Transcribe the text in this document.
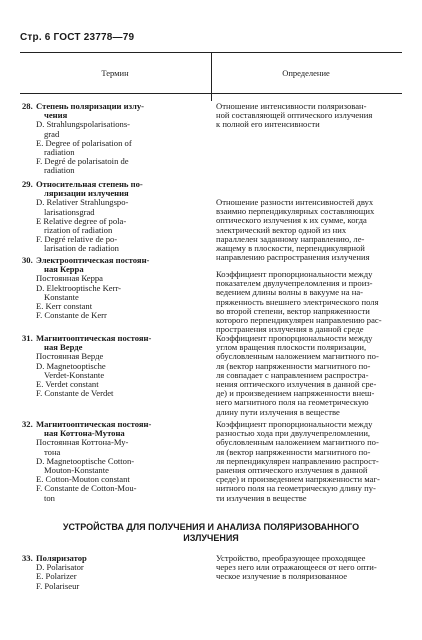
Стр. 6 ГОСТ 23778—79
Термин	Определение
28. Степень поляризации излу-
чения
D. Strahlungspolarisations-
grad
E. Degree of polarisation of
radiation
F. Degré de polarisatoin de
radiation
Отношение интенсивности поляризован-
ной составляющей оптического излучения
к полной его интенсивности
29. Относительная степень по-
ляризации излучения
D. Relativer Strahlungspo-
larisationsgrad
E Relative degree of pola-
rization of radiation
F. Degré relative de po-
larisation de radiation
Отношение разности интенсивностей двух
взаимно перпендикулярных составляющих
оптического излучения к их сумме, когда
электрический вектор одной из них
параллелен заданному направлению, ле-
жащему в плоскости, перпендикулярной
направлению распространения излучения
30. Электрооптическая постоян-
ная Керра
Постоянная Керра
D. Elektrooptische Kerr-
Konstante
E. Kerr constant
F. Constante de Kerr
Коэффициент пропорциональности между
показателем двулучепреломления и произ-
ведением длины волны в вакууме на на-
пряженность внешнего электрического поля
во второй степени, вектор напряженности
которого перпендикулярен направлению рас-
пространения излучения в данной среде
31. Магнитооптическая постоян-
ная Верде
Постоянная Верде
D. Magnetooptische
Verdet-Konstante
E. Verdet constant
F. Constante de Verdet
Коэффициент пропорциональности между
углом вращения плоскости поляризации,
обусловленным наложением магнитного по-
ля (вектор напряженности магнитного по-
ля совпадает с направлением распростра-
нения оптического излучения в данной сре-
де) и произведением напряженности внеш-
него магнитного поля на геометрическую
длину пути излучения в веществе
32. Магнитооптическая постоян-
ная Коттона-Мутона
Постоянная Коттона-Му-
тона
D. Magnetooptische Cotton-
Mouton-Konstante
E. Cotton-Mouton constant
F. Constante de Cotton-Mou-
ton
Коэффициент пропорциональности между
разностью хода при двулучепреломлении,
обусловленным наложением магнитного по-
ля (вектор напряженности магнитного по-
ля перпендикулярен направлению распрост-
ранения оптического излучения в данной
среде) и произведением напряженности маг-
нитного поля на геометрическую длину пу-
ти излучения в веществе
УСТРОЙСТВА ДЛЯ ПОЛУЧЕНИЯ И АНАЛИЗА ПОЛЯРИЗОВАННОГО
ИЗЛУЧЕНИЯ
33. Поляризатор
D. Polarisator
E. Polarizer
F. Polariseur
Устройство, преобразующее проходящее
через него или отражающееся от него опти-
ческое излучение в поляризованное
